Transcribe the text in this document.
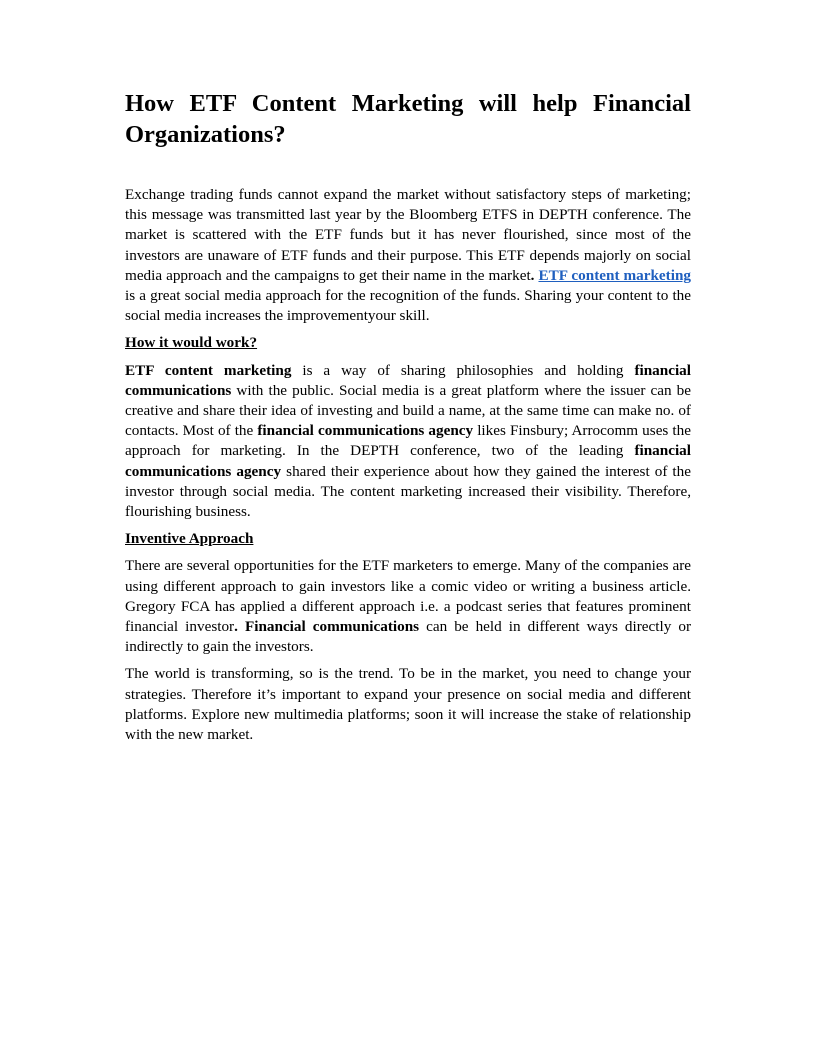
How ETF Content Marketing will help Financial Organizations?

Exchange trading funds cannot expand the market without satisfactory steps of marketing; this message was transmitted last year by the Bloomberg ETFS in DEPTH conference. The market is scattered with the ETF funds but it has never flourished, since most of the investors are unaware of ETF funds and their purpose. This ETF depends majorly on social media approach and the campaigns to get their name in the market. ETF content marketing is a great social media approach for the recognition of the funds. Sharing your content to the social media increases the improvementyour skill.

How it would work?

ETF content marketing is a way of sharing philosophies and holding financial communications with the public. Social media is a great platform where the issuer can be creative and share their idea of investing and build a name, at the same time can make no. of contacts. Most of the financial communications agency likes Finsbury; Arrocomm uses the approach for marketing. In the DEPTH conference, two of the leading financial communications agency shared their experience about how they gained the interest of the investor through social media. The content marketing increased their visibility. Therefore, flourishing business.

Inventive Approach

There are several opportunities for the ETF marketers to emerge. Many of the companies are using different approach to gain investors like a comic video or writing a business article. Gregory FCA has applied a different approach i.e. a podcast series that features prominent financial investor. Financial communications can be held in different ways directly or indirectly to gain the investors.

The world is transforming, so is the trend. To be in the market, you need to change your strategies. Therefore it’s important to expand your presence on social media and different platforms. Explore new multimedia platforms; soon it will increase the stake of relationship with the new market.
